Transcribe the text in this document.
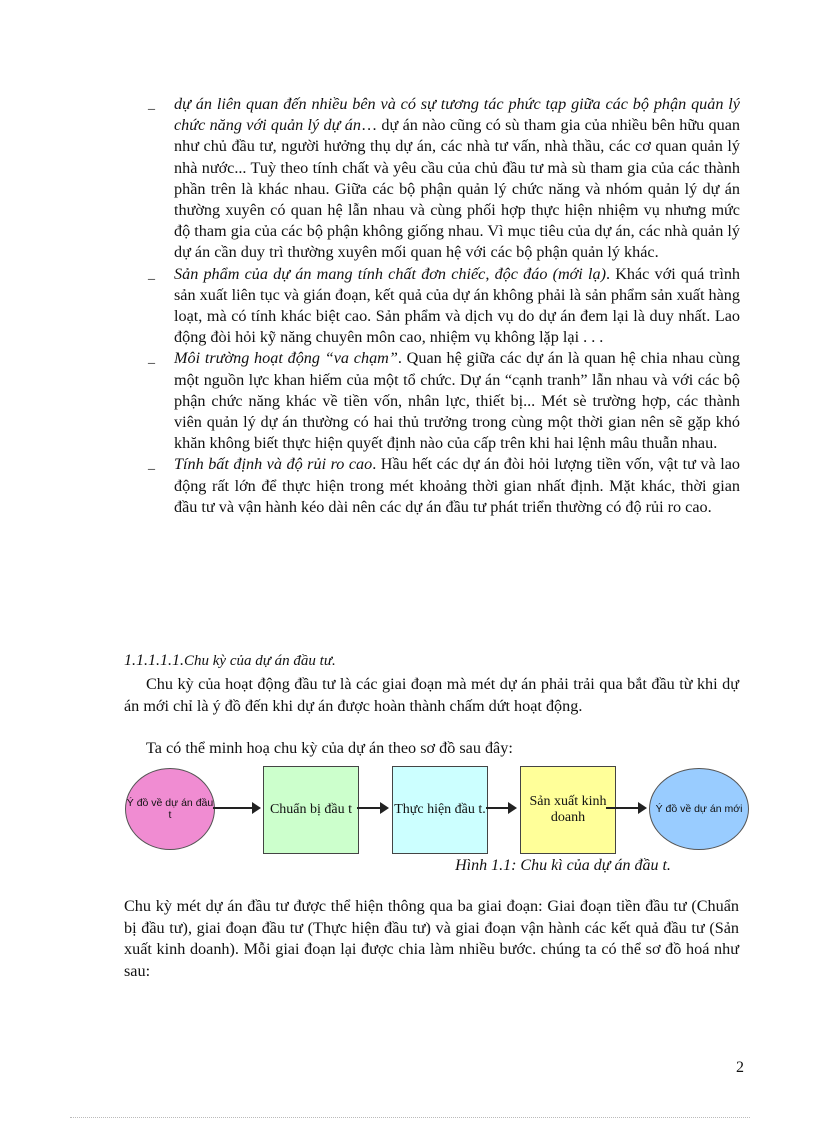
_ dự án liên quan đến nhiều bên và có sự tương tác phức tạp giữa các bộ phận quản lý chức năng với quản lý dự án… dự án nào cũng có sù tham gia của nhiều bên hữu quan như chủ đầu tư, người hưởng thụ dự án, các nhà tư vấn, nhà thầu, các cơ quan quản lý nhà nước... Tuỳ theo tính chất và yêu cầu của chủ đầu tư mà sù tham gia của các thành phần trên là khác nhau. Giữa các bộ phận quản lý chức năng và nhóm quản lý dự án thường xuyên có quan hệ lẫn nhau và cùng phối hợp thực hiện nhiệm vụ nhưng mức độ tham gia của các bộ phận không giống nhau. Vì mục tiêu của dự án, các nhà quản lý dự án cần duy trì thường xuyên mối quan hệ với các bộ phận quản lý khác.
_ Sản phẩm của dự án mang tính chất đơn chiếc, độc đáo (mới lạ). Khác với quá trình sản xuất liên tục và gián đoạn, kết quả của dự án không phải là sản phẩm sản xuất hàng loạt, mà có tính khác biệt cao. Sản phẩm và dịch vụ do dự án đem lại là duy nhất. Lao động đòi hỏi kỹ năng chuyên môn cao, nhiệm vụ không lặp lại . . .
_ Môi trường hoạt động “va chạm”. Quan hệ giữa các dự án là quan hệ chia nhau cùng một nguồn lực khan hiếm của một tổ chức. Dự án “cạnh tranh” lẫn nhau và với các bộ phận chức năng khác về tiền vốn, nhân lực, thiết bị... Mét sè trường hợp, các thành viên quản lý dự án thường có hai thủ trưởng trong cùng một thời gian nên sẽ gặp khó khăn không biết thực hiện quyết định nào của cấp trên khi hai lệnh mâu thuẫn nhau.
_ Tính bất định và độ rủi ro cao. Hầu hết các dự án đòi hỏi lượng tiền vốn, vật tư và lao động rất lớn để thực hiện trong mét khoảng thời gian nhất định. Mặt khác, thời gian đầu tư và vận hành kéo dài nên các dự án đầu tư phát triển thường có độ rủi ro cao.
1.1.1.1.1.Chu kỳ của dự án đầu tư.
Chu kỳ của hoạt động đầu tư là các giai đoạn mà mét dự án phải trải qua bắt đầu từ khi dự án mới chỉ là ý đồ đến khi dự án được hoàn thành chấm dứt hoạt động.
Ta có thể minh hoạ chu kỳ của dự án theo sơ đồ sau đây:
Ý đồ về dự án đầu t	Chuẩn bị đầu t	Thực hiện đầu t.
Sản xuất kinh doanh
Ý đồ về dự án mới
Hình 1.1: Chu kì của dự án đầu t.
Chu kỳ mét dự án đầu tư được thể hiện thông qua ba giai đoạn: Giai đoạn tiền đầu tư (Chuẩn bị đầu tư), giai đoạn đầu tư (Thực hiện đầu tư) và giai đoạn vận hành các kết quả đầu tư (Sản xuất kinh doanh). Mỗi giai đoạn lại được chia làm nhiều bước. chúng ta có thể sơ đồ hoá như sau:
2
